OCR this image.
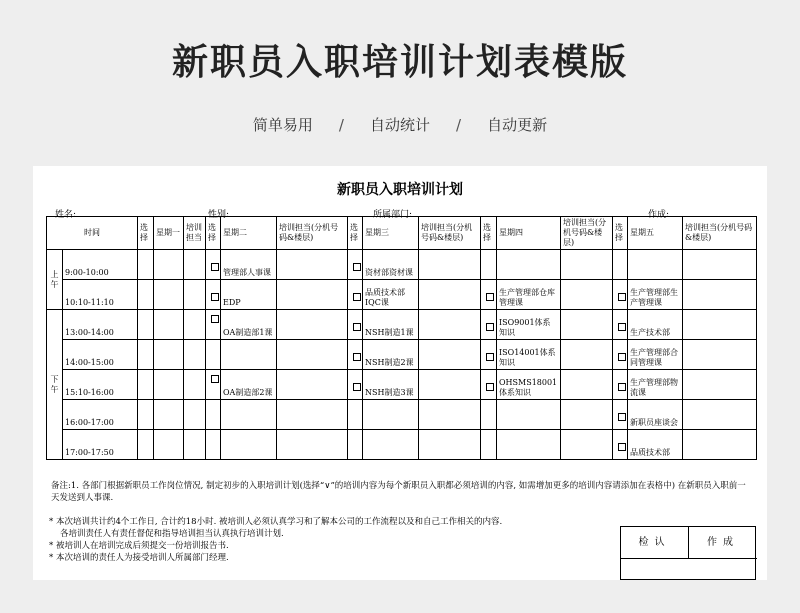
新职员入职培训计划表模版
简单易用 / 自动统计 / 自动更新
新职员入职培训计划
姓名:	性别:	所属部门:	作成:
时间		选择	星期一	培训担当	选择	星期二	培训担当(分机号码&楼层)	选择	星期三	培训担当(分机号码&楼层)	选择	星期四	培训担当(分机号码&楼层)	选择	星期五	培训担当(分机号码&楼层)
上午	9:00-10:00					管理部人事课			资材部资材课							
	10:10-11:10					EDP			品质技术部IQC课			生产管理部仓库管理课			生产管理部生产管理课	
下午	13:00-14:00					OA制造部1课			NSH制造1课			ISO9001体系知识			生产技术部	
	14:00-15:00								NSH制造2课			ISO14001体系知识			生产管理部合同管理课	
	15:10-16:00					OA制造部2课			NSH制造3课			OHSMS18001体系知识			生产管理部物流课	
	16:00-17:00														新职员座谈会	
	17:00-17:50														品质技术部	
备注:1. 各部门根据新职员工作岗位情况, 制定初步的入职培训计划(选择“∨”的培训内容为每个新职员入职都必须培训的内容, 如需增加更多的培训内容请添加在表格中) 在新职员入职前一天发送到人事课.
* 本次培训共计约4个工作日, 合计约18小时. 被培训人必须认真学习和了解本公司的工作流程以及和自己工作相关的内容.
各培训责任人有责任督促和指导培训担当认真执行培训计划.
* 被培训人在培训完成后须提交一份培训报告书.
* 本次培训的责任人为接受培训人所属部门经理.
检认	作成
